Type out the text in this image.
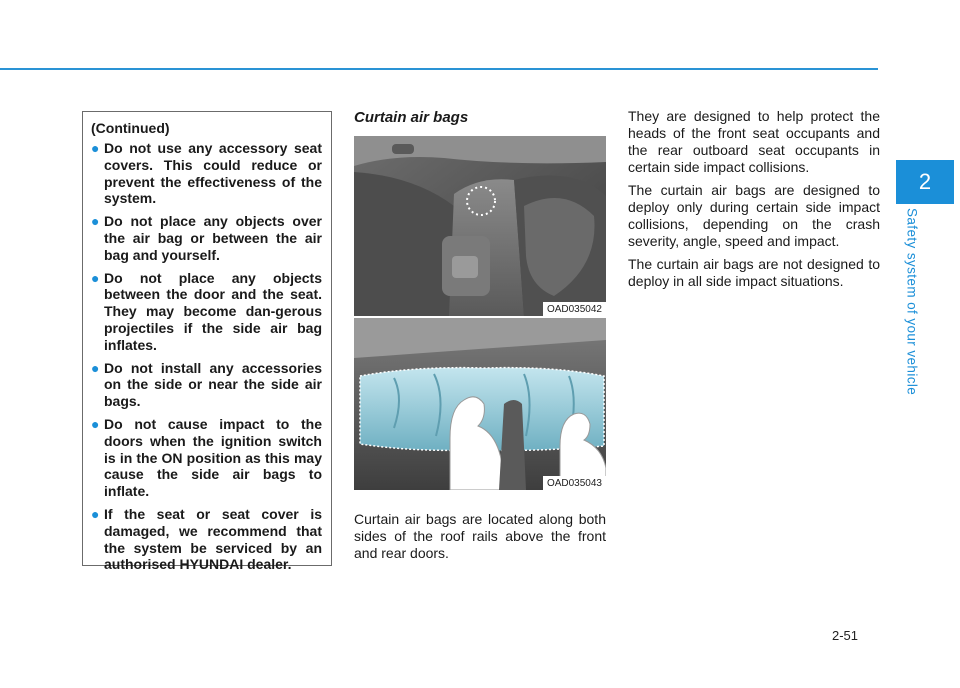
2
Safety system of your vehicle
(Continued)
● Do not use any accessory seat covers. This could reduce or prevent the effectiveness of the system.
● Do not place any objects over the air bag or between the air bag and yourself.
● Do not place any objects between the door and the seat. They may become dan-gerous projectiles if the side air bag inflates.
● Do not install any accessories on the side or near the side air bags.
● Do not cause impact to the doors when the ignition switch is in the ON position as this may cause the side air bags to inflate.
● If the seat or seat cover is damaged, we recommend that the system be serviced by an authorised HYUNDAI dealer.
Curtain air bags
OAD035042
OAD035043
Curtain air bags are located along both sides of the roof rails above the front and rear doors.

They are designed to help protect the heads of the front seat occupants and the rear outboard seat occupants in certain side impact collisions.

The curtain air bags are designed to deploy only during certain side impact collisions, depending on the crash severity, angle, speed and impact.

The curtain air bags are not designed to deploy in all side impact situations.

2-51
